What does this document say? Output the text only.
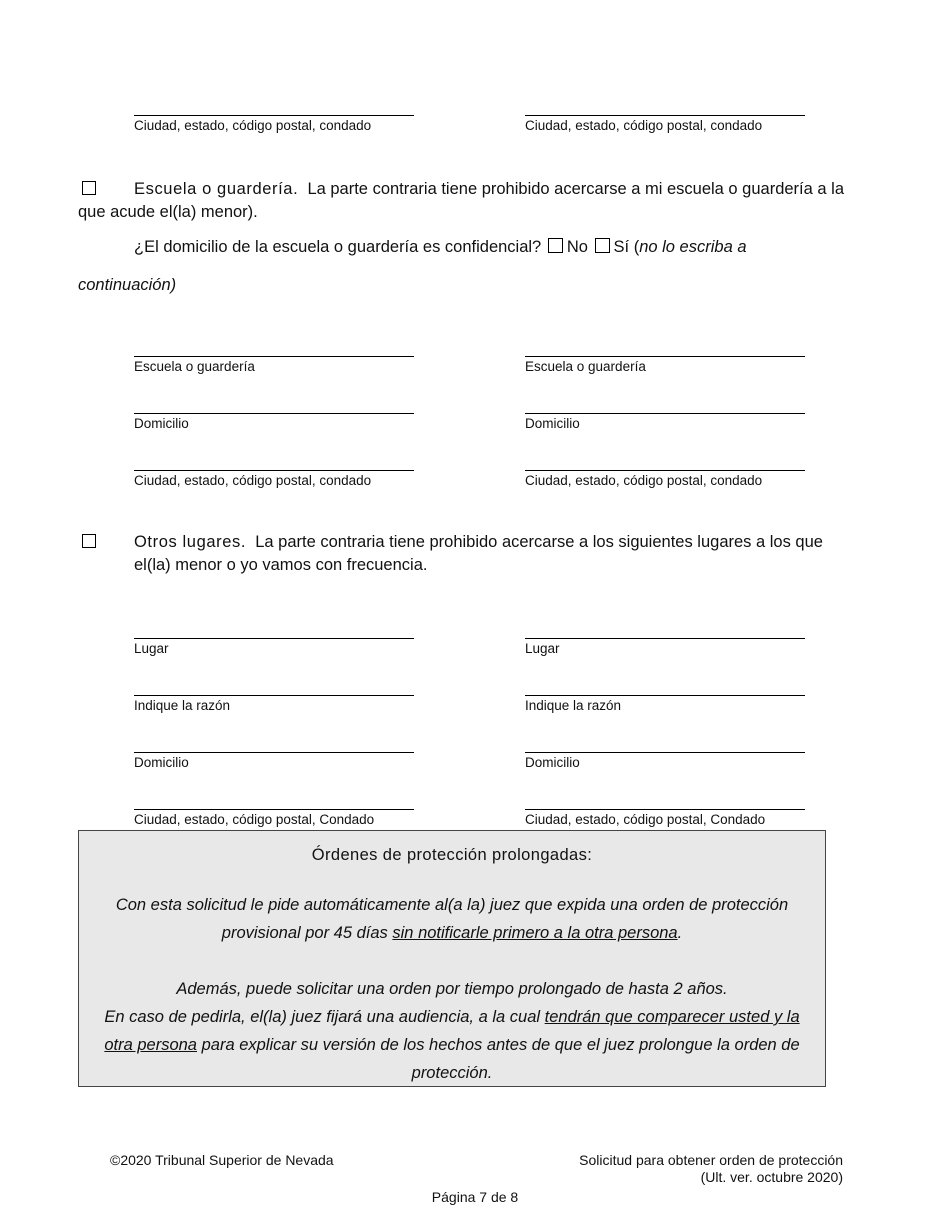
Ciudad, estado, código postal, condado	Ciudad, estado, código postal, condado
Escuela o guardería. La parte contraria tiene prohibido acercarse a mi escuela o guardería a la
que acude el(la) menor).
¿El domicilio de la escuela o guardería es confidencial? No Sí (no lo escriba a
continuación)
Escuela o guardería	Escuela o guardería
Domicilio	Domicilio
Ciudad, estado, código postal, condado	Ciudad, estado, código postal, condado
Otros lugares. La parte contraria tiene prohibido acercarse a los siguientes lugares a los que
el(la) menor o yo vamos con frecuencia.
Lugar	Lugar
Indique la razón	Indique la razón
Domicilio	Domicilio
Ciudad, estado, código postal, Condado	Ciudad, estado, código postal, Condado
Órdenes de protección prolongadas:
Con esta solicitud le pide automáticamente al(a la) juez que expida una orden de protección
provisional por 45 días sin notificarle primero a la otra persona.
Además, puede solicitar una orden por tiempo prolongado de hasta 2 años.
En caso de pedirla, el(la) juez fijará una audiencia, a la cual tendrán que comparecer usted y la
otra persona para explicar su versión de los hechos antes de que el juez prolongue la orden de
protección.
©2020 Tribunal Superior de Nevada	Solicitud para obtener orden de protección
(Ult. ver. octubre 2020)
Página 7 de 8
